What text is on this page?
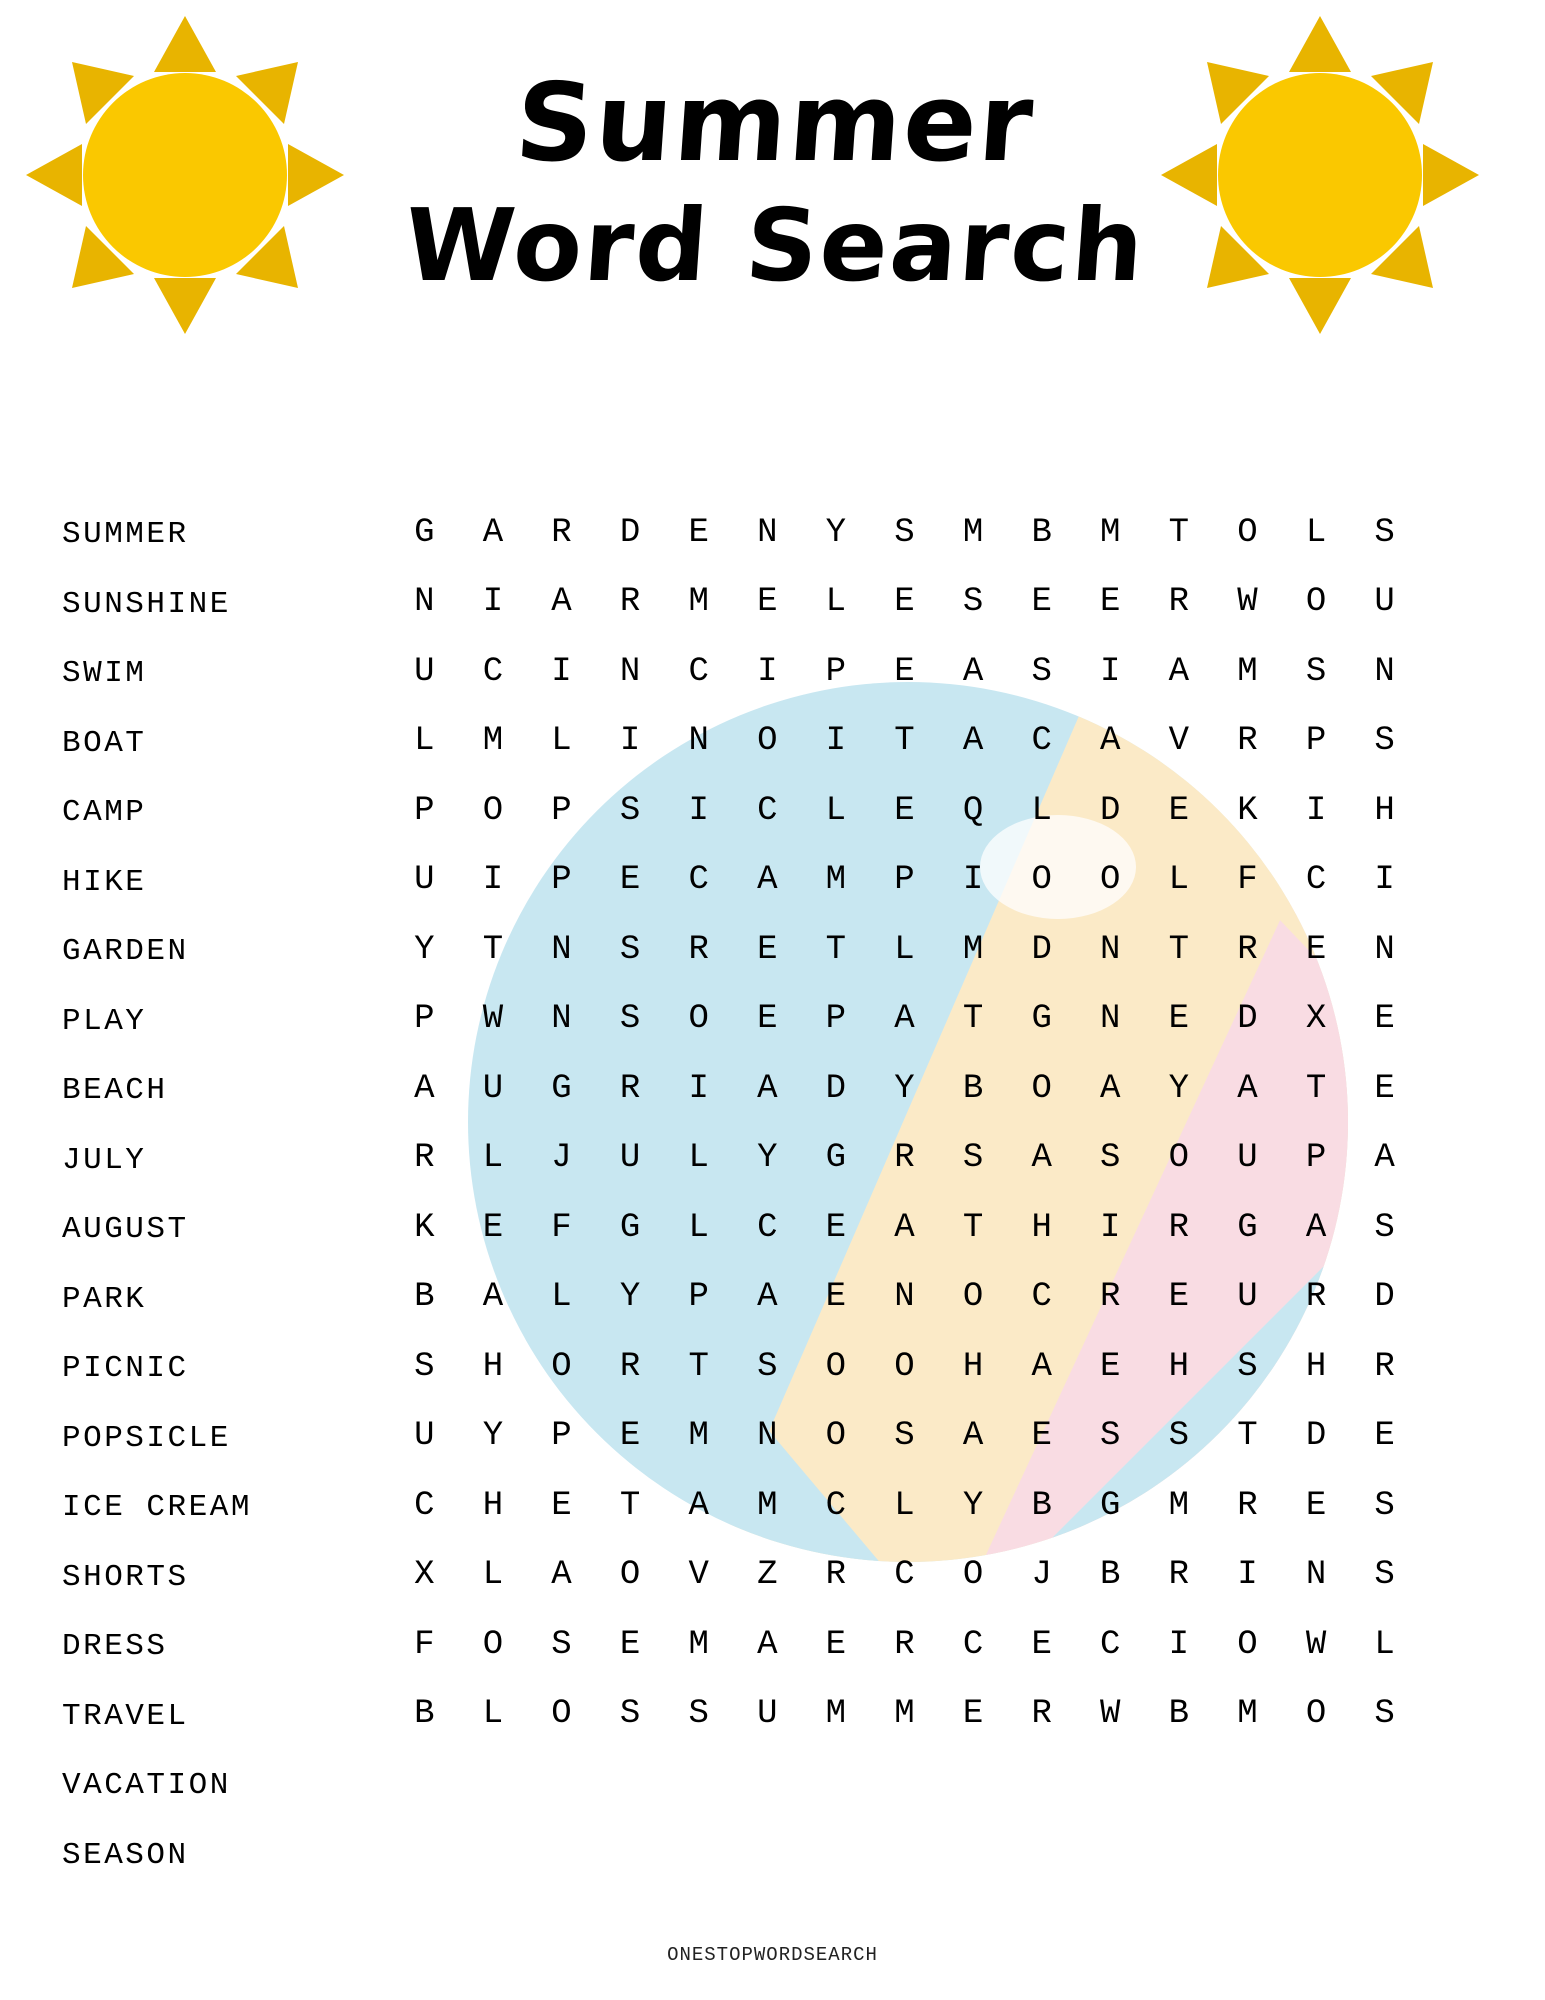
Summer
Word Search
SUMMER
SUNSHINE
SWIM
BOAT
CAMP
HIKE
GARDEN
PLAY
BEACH
JULY
AUGUST
PARK
PICNIC
POPSICLE
ICE CREAM
SHORTS
DRESS
TRAVEL
VACATION
SEASON
G	A	R	D	E	N	Y	S	M	B	M	T	O	L	S
N	I	A	R	M	E	L	E	S	E	E	R	W	O	U
U	C	I	N	C	I	P	E	A	S	I	A	M	S	N
L	M	L	I	N	O	I	T	A	C	A	V	R	P	S
P	O	P	S	I	C	L	E	Q	L	D	E	K	I	H
U	I	P	E	C	A	M	P	I	O	O	L	F	C	I
Y	T	N	S	R	E	T	L	M	D	N	T	R	E	N
P	W	N	S	O	E	P	A	T	G	N	E	D	X	E
A	U	G	R	I	A	D	Y	B	O	A	Y	A	T	E
R	L	J	U	L	Y	G	R	S	A	S	O	U	P	A
K	E	F	G	L	C	E	A	T	H	I	R	G	A	S
B	A	L	Y	P	A	E	N	O	C	R	E	U	R	D
S	H	O	R	T	S	O	O	H	A	E	H	S	H	R
U	Y	P	E	M	N	O	S	A	E	S	S	T	D	E
C	H	E	T	A	M	C	L	Y	B	G	M	R	E	S
X	L	A	O	V	Z	R	C	O	J	B	R	I	N	S
F	O	S	E	M	A	E	R	C	E	C	I	O	W	L
B	L	O	S	S	U	M	M	E	R	W	B	M	O	S
ONESTOPWORDSEARCH
